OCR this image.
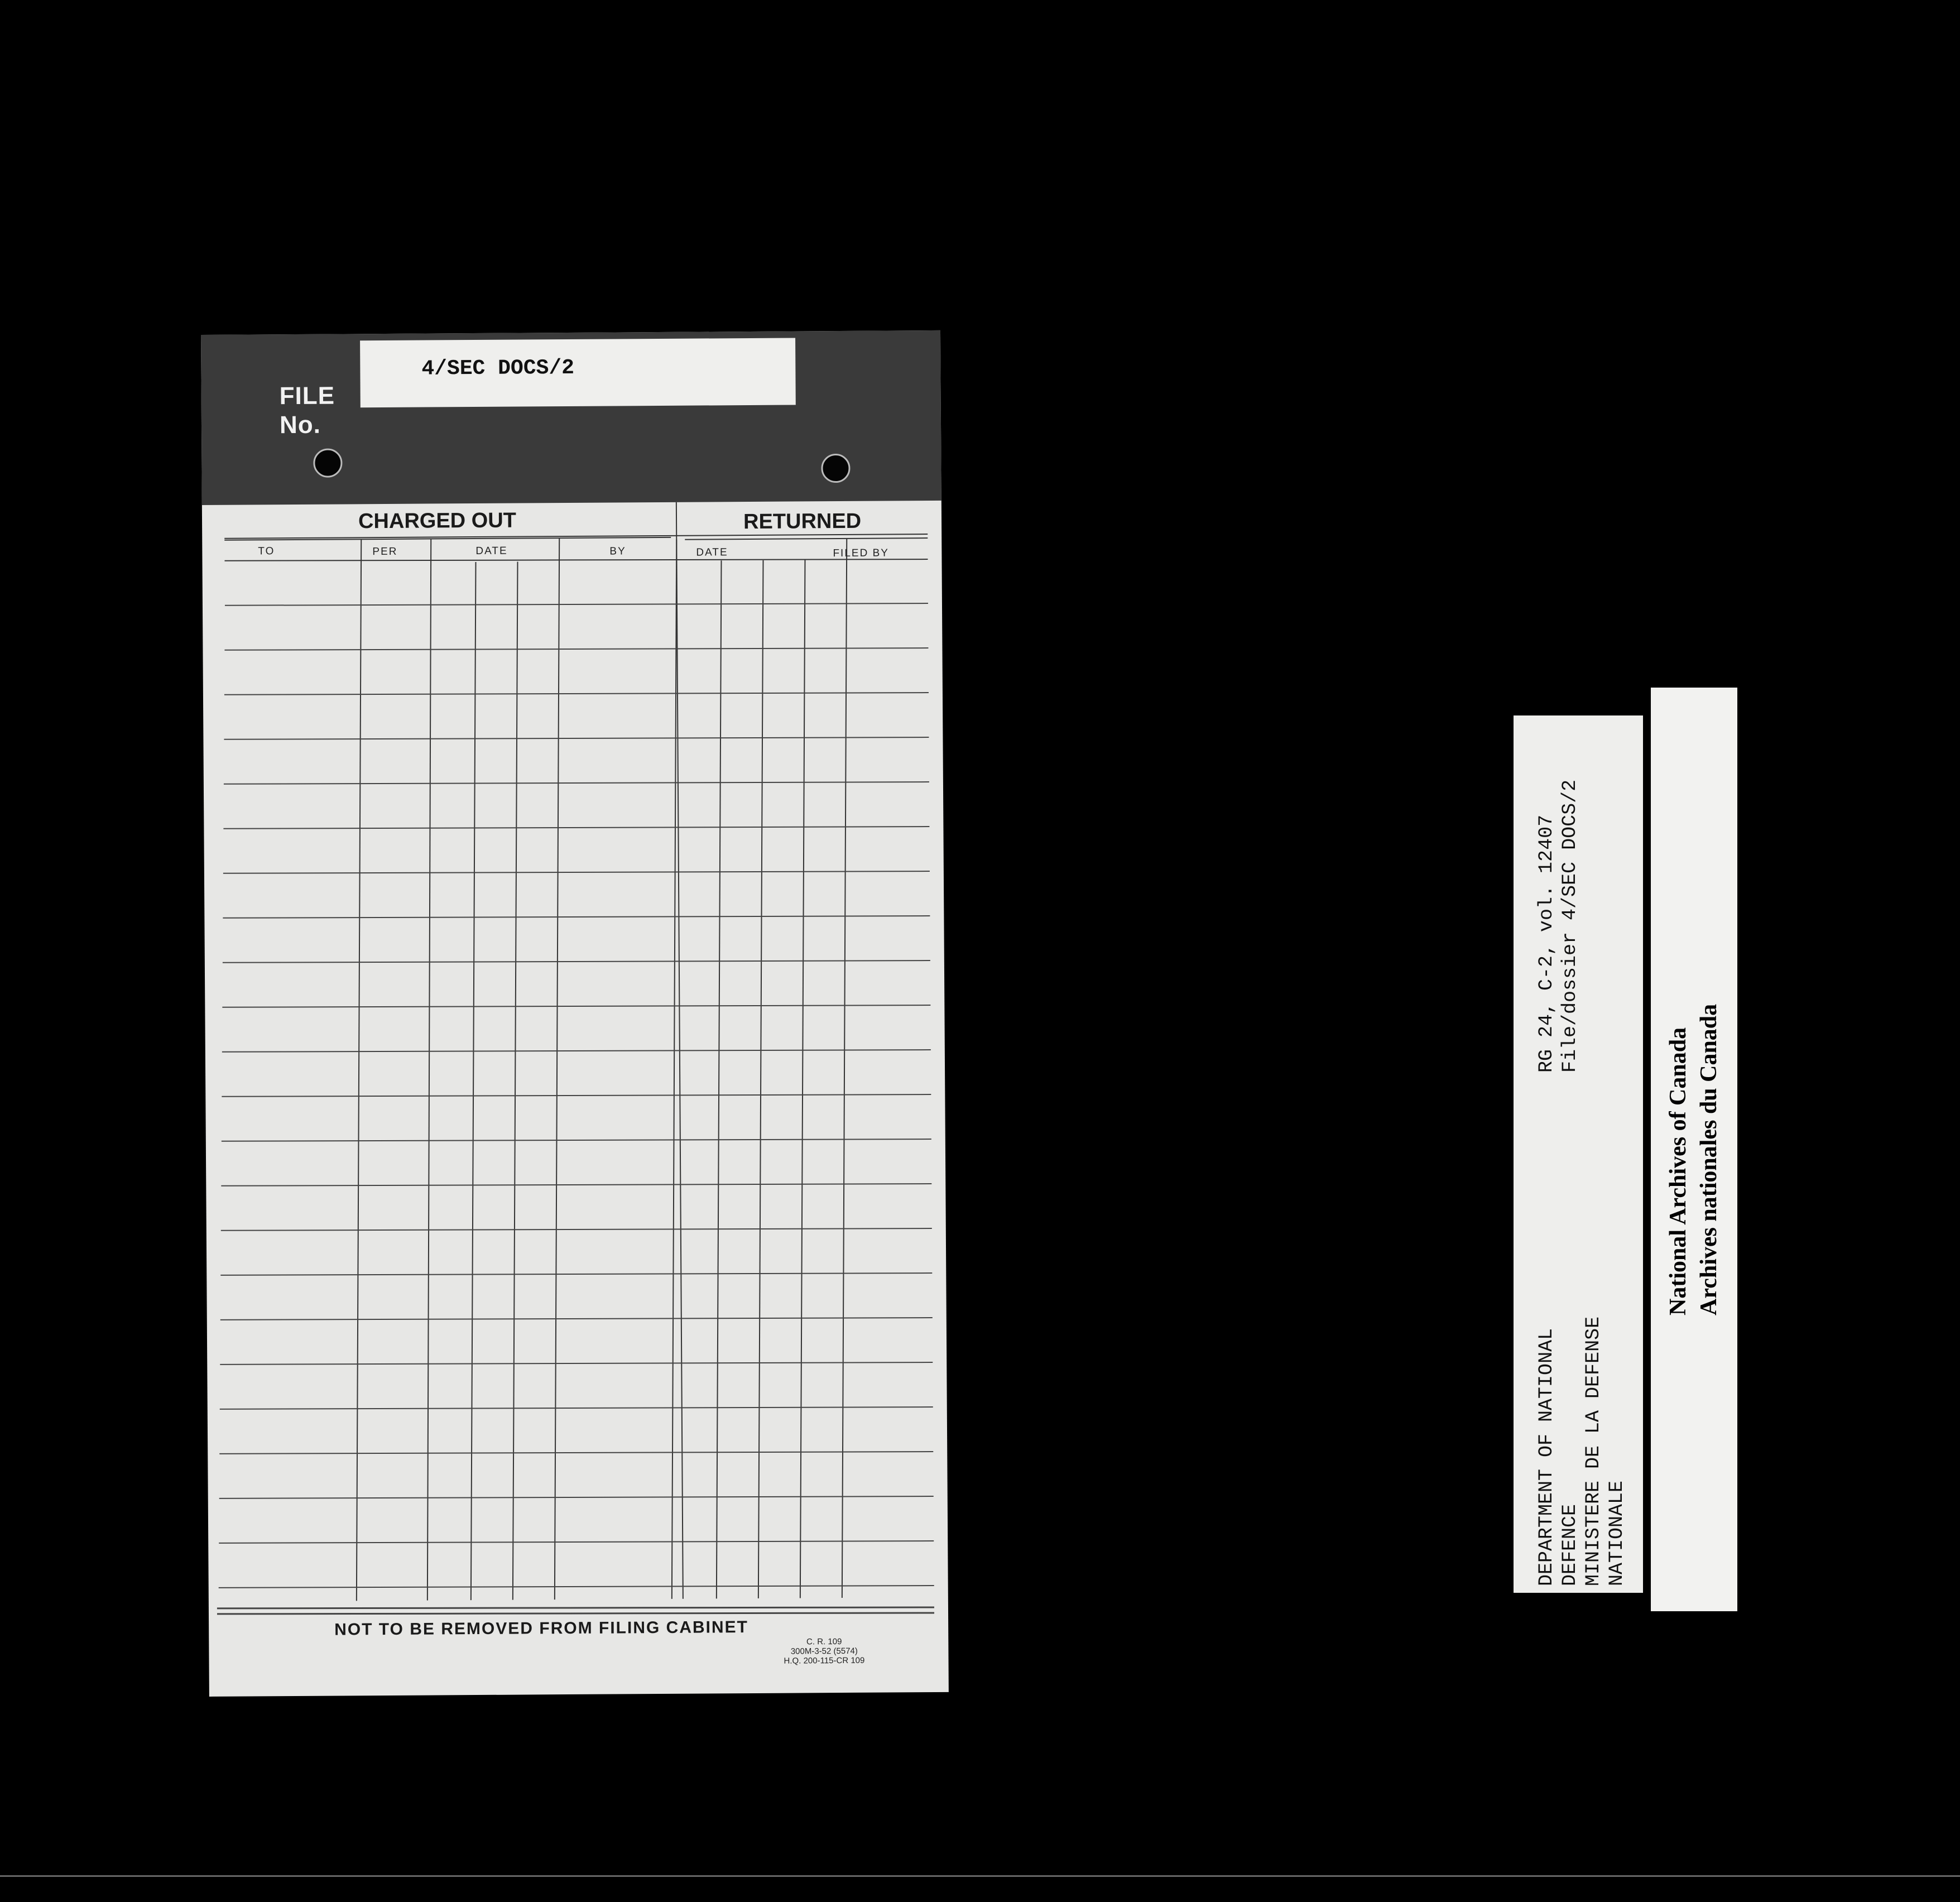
FILE
No.
4/SEC DOCS/2
CHARGED OUT	RETURNED
TO	PER	DATE	BY	DATE	FILED BY
NOT TO BE REMOVED FROM FILING CABINET
C. R. 109
300M-3-52 (5574)
H.Q. 200-115-CR 109
DEPARTMENT OF NATIONAL DEFENCE MINISTERE DE LA DEFENSE NATIONALE
RG 24, C-2, vol. 12407 File/dossier 4/SEC DOCS/2
National Archives of Canada Archives nationales du Canada
